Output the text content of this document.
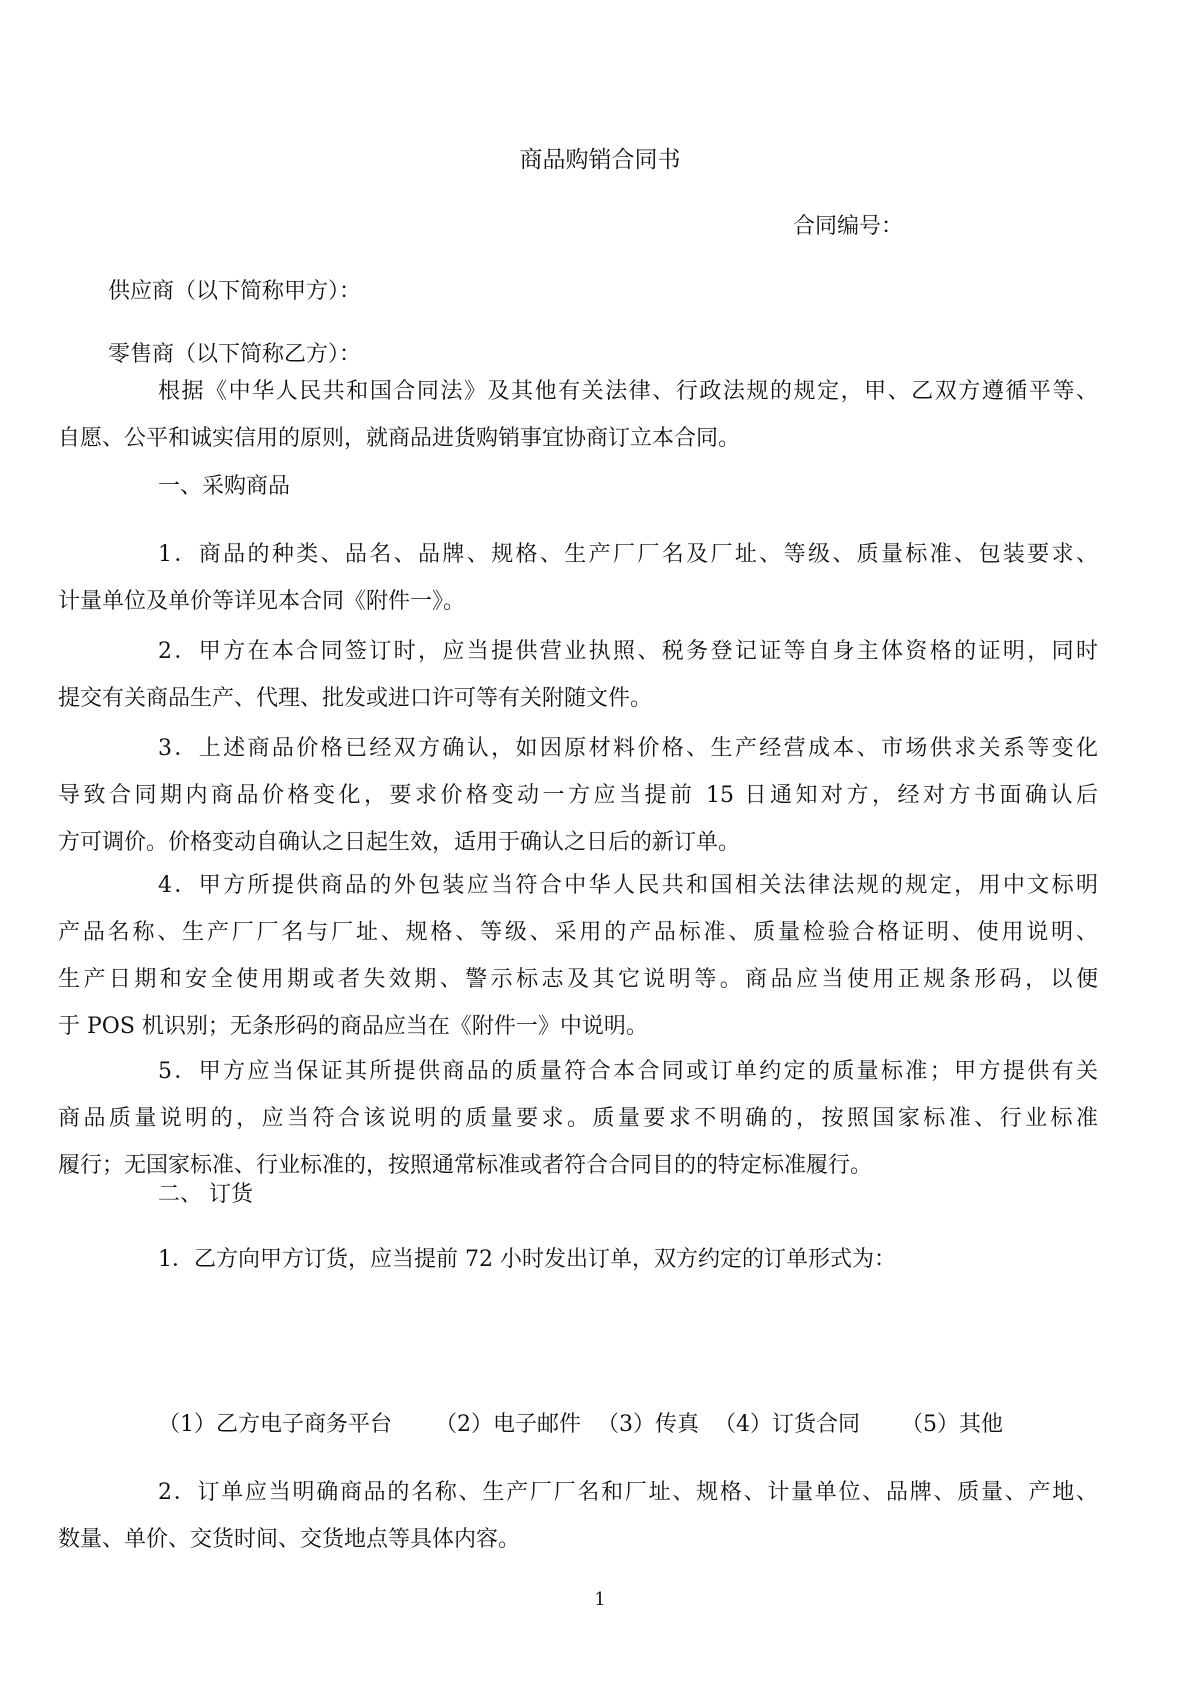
商品购销合同书

合同编号：

供应商（以下简称甲方）：

零售商（以下简称乙方）：

根据《中华人民共和国合同法》及其他有关法律、行政法规的规定，甲、乙双方遵循平等、
自愿、公平和诚实信用的原则，就商品进货购销事宜协商订立本合同。

一、采购商品

1．商品的种类、品名、品牌、规格、生产厂厂名及厂址、等级、质量标准、包装要求、
计量单位及单价等详见本合同《附件一》。
2．甲方在本合同签订时，应当提供营业执照、税务登记证等自身主体资格的证明，同时
提交有关商品生产、代理、批发或进口许可等有关附随文件。
3．上述商品价格已经双方确认，如因原材料价格、生产经营成本、市场供求关系等变化
导致合同期内商品价格变化，要求价格变动一方应当提前 15 日通知对方，经对方书面确认后
方可调价。价格变动自确认之日起生效，适用于确认之日后的新订单。
4．甲方所提供商品的外包装应当符合中华人民共和国相关法律法规的规定，用中文标明
产品名称、生产厂厂名与厂址、规格、等级、采用的产品标准、质量检验合格证明、使用说明、
生产日期和安全使用期或者失效期、警示标志及其它说明等。商品应当使用正规条形码，以便
于 POS 机识别；无条形码的商品应当在《附件一》中说明。
5．甲方应当保证其所提供商品的质量符合本合同或订单约定的质量标准；甲方提供有关
商品质量说明的，应当符合该说明的质量要求。质量要求不明确的，按照国家标准、行业标准
履行；无国家标准、行业标准的，按照通常标准或者符合合同目的的特定标准履行。

二、 订货

1．乙方向甲方订货，应当提前 72 小时发出订单，双方约定的订单形式为：

（1）乙方电子商务平台 （2）电子邮件 （3）传真 （4）订货合同 （5）其他

2．订单应当明确商品的名称、生产厂厂名和厂址、规格、计量单位、品牌、质量、产地、
数量、单价、交货时间、交货地点等具体内容。

1
